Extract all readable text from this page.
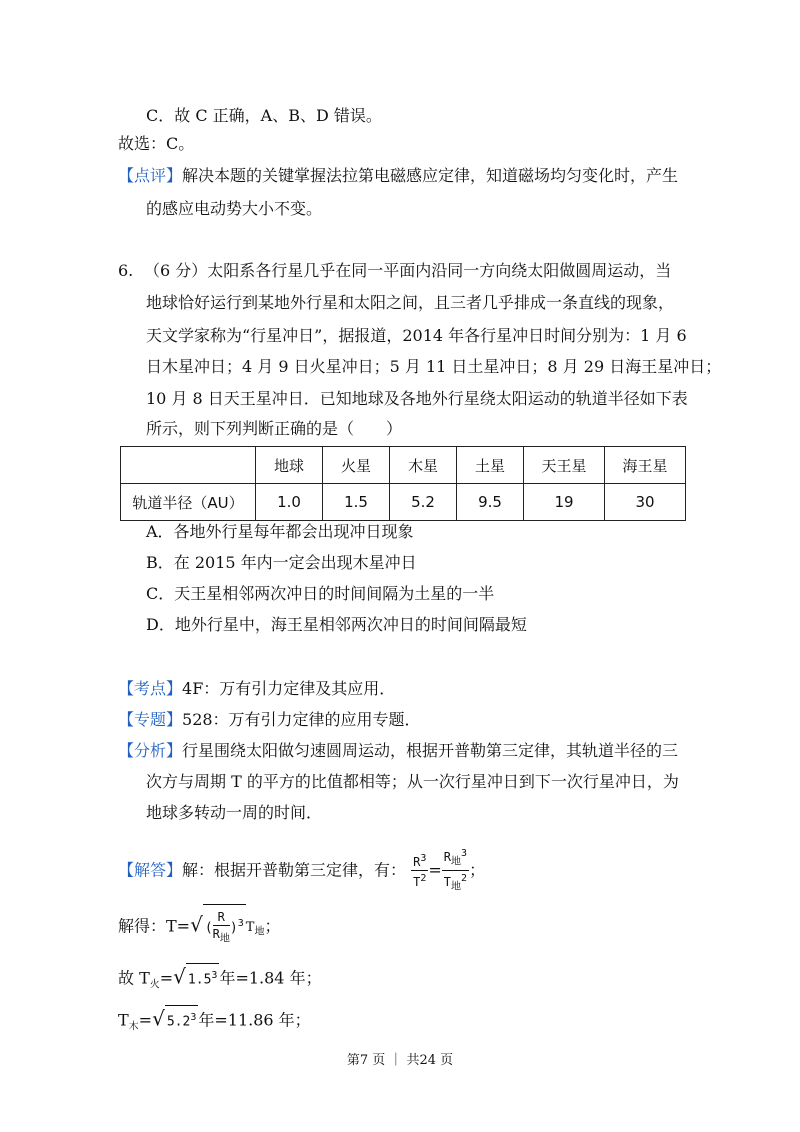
C．故 C 正确，A、B、D 错误。
故选：C。
【点评】解决本题的关键掌握法拉第电磁感应定律，知道磁场均匀变化时，产生
的感应电动势大小不变。
6. （6 分）太阳系各行星几乎在同一平面内沿同一方向绕太阳做圆周运动，当
地球恰好运行到某地外行星和太阳之间，且三者几乎排成一条直线的现象，
天文学家称为“行星冲日”，据报道，2014 年各行星冲日时间分别为：1 月 6
日木星冲日；4 月 9 日火星冲日；5 月 11 日土星冲日；8 月 29 日海王星冲日；
10 月 8 日天王星冲日．已知地球及各地外行星绕太阳运动的轨道半径如下表
所示，则下列判断正确的是（　　）
	地球	火星	木星	土星	天王星	海王星
轨道半径（AU）	1.0	1.5	5.2	9.5	19	30
A．各地外行星每年都会出现冲日现象
B．在 2015 年内一定会出现木星冲日
C．天王星相邻两次冲日的时间间隔为土星的一半
D．地外行星中，海王星相邻两次冲日的时间间隔最短
【考点】4F：万有引力定律及其应用．
【专题】528：万有引力定律的应用专题．
【分析】行星围绕太阳做匀速圆周运动，根据开普勒第三定律，其轨道半径的三
次方与周期 T 的平方的比值都相等；从一次行星冲日到下一次行星冲日，为
地球多转动一周的时间．
【解答】解：根据开普勒第三定律，有： $\frac{R^3}{T^2} = \frac{R_地^3}{T_地^2}$ ；
解得：T=√ ( $\frac{R}{R_地} )^3$ $T_地$；
故 $T_火=√$ $1.5^3$ 年=1.84 年；
$T_木=√$ $5.2^3$ 年=11.86 年；
第7 页 ｜ 共24 页
